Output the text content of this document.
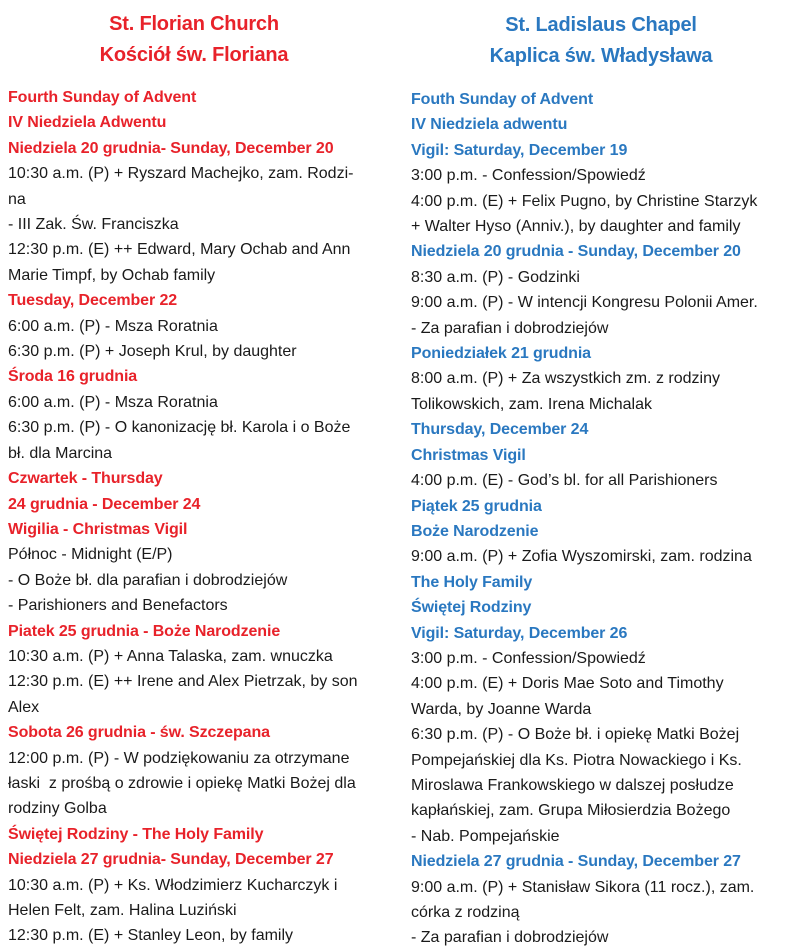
St. Florian Church
Kościół św. Floriana
Fourth Sunday of Advent
IV Niedziela Adwentu
Niedziela 20 grudnia- Sunday, December 20
10:30 a.m. (P) + Ryszard Machejko, zam. Rodzi-
na
- III Zak. Św. Franciszka
12:30 p.m. (E) ++ Edward, Mary Ochab and Ann
Marie Timpf, by Ochab family
Tuesday, December 22
6:00 a.m. (P) - Msza Roratnia
6:30 p.m. (P) + Joseph Krul, by daughter
Środa 16 grudnia
6:00 a.m. (P) - Msza Roratnia
6:30 p.m. (P) - O kanonizację bł. Karola i o Boże
bł. dla Marcina
Czwartek - Thursday
24 grudnia - December 24
Wigilia - Christmas Vigil
Północ - Midnight (E/P)
- O Boże bł. dla parafian i dobrodziejów
- Parishioners and Benefactors
Piatek 25 grudnia - Boże Narodzenie
10:30 a.m. (P) + Anna Talaska, zam. wnuczka
12:30 p.m. (E) ++ Irene and Alex Pietrzak, by son
Alex
Sobota 26 grudnia - św. Szczepana
12:00 p.m. (P) - W podziękowaniu za otrzymane
łaski  z prośbą o zdrowie i opiekę Matki Bożej dla
rodziny Golba
Świętej Rodziny - The Holy Family
Niedziela 27 grudnia- Sunday, December 27
10:30 a.m. (P) + Ks. Włodzimierz Kucharczyk i
Helen Felt, zam. Halina Luziński
12:30 p.m. (E) + Stanley Leon, by family
St. Ladislaus Chapel
Kaplica św. Władysława
Fouth Sunday of Advent
IV Niedziela adwentu
Vigil: Saturday, December 19
3:00 p.m. - Confession/Spowiedź
4:00 p.m. (E) + Felix Pugno, by Christine Starzyk
+ Walter Hyso (Anniv.), by daughter and family
Niedziela 20 grudnia - Sunday, December 20
8:30 a.m. (P) - Godzinki
9:00 a.m. (P) - W intencji Kongresu Polonii Amer.
- Za parafian i dobrodziejów
Poniedziałek 21 grudnia
8:00 a.m. (P) + Za wszystkich zm. z rodziny
Tolikowskich, zam. Irena Michalak
Thursday, December 24
Christmas Vigil
4:00 p.m. (E) - God’s bl. for all Parishioners
Piątek 25 grudnia
Boże Narodzenie
9:00 a.m. (P) + Zofia Wyszomirski, zam. rodzina
The Holy Family
Świętej Rodziny
Vigil: Saturday, December 26
3:00 p.m. - Confession/Spowiedź
4:00 p.m. (E) + Doris Mae Soto and Timothy
Warda, by Joanne Warda
6:30 p.m. (P) - O Boże bł. i opiekę Matki Bożej
Pompejańskiej dla Ks. Piotra Nowackiego i Ks.
Miroslawa Frankowskiego w dalszej posłudze
kapłańskiej, zam. Grupa Miłosierdzia Bożego
- Nab. Pompejańskie
Niedziela 27 grudnia - Sunday, December 27
9:00 a.m. (P) + Stanisław Sikora (11 rocz.), zam.
córka z rodziną
- Za parafian i dobrodziejów
